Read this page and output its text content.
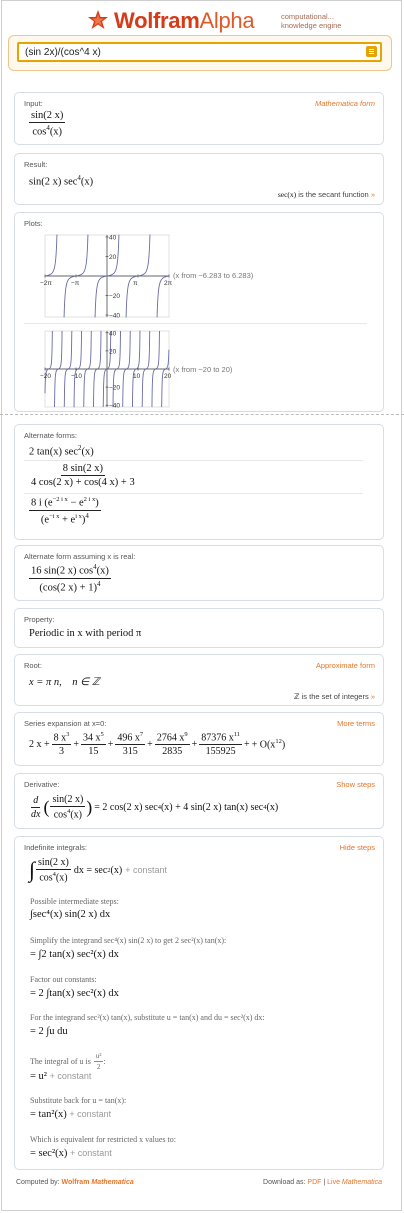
Wolfram Alpha	computational...
knowledge engine
(sin 2x)/(cos^4 x)
Input:	Mathematica form
$\frac{\sin(2 x)}{\cos^4(x)}$
Result:
sin(2 x) $\sec^4(x)$
sec(x) is the secant function »
Plots:
40
20
−20
−40
−2π	−π	π	2π
(x from −6.283 to 6.283)
40
20
−20
−40
−20	−10	10	20
(x from −20 to 20)
Alternate forms:
2 tan(x) $\sec^2(x)$
$\frac{8 \sin(2 x)}{4 \cos(2 x) + \cos(4 x) + 3}$
$\frac{8 i (e^{-2 i x} - e^{2 i x})}{(e^{-i x} + e^{i x})^4}$
Alternate form assuming x is real:
$\frac{16 \sin(2 x) \cos^4(x)}{(\cos(2 x) + 1)^4}$
Property:
Periodic in x with period π
Root:	Approximate form
x = π n,    n ∈ ℤ
ℤ is the set of integers »
Series expansion at x=0:	More terms
2 $x + \frac{8 x^3}{3} + \frac{34 x^5}{15} + \frac{496 x^7}{315} + \frac{2764 x^9}{2835} + \frac{87376 x^{11}}{155925}$ + + $O(x^{12})$
Derivative:	Show steps
$\frac{d}{dx}$ ( $\frac{\sin(2 x)}{\cos^4(x)}$ ) = 2 cos(2 x) sec 4 (x) + 4 sin(2 x) tan(x) sec 4 (x)
Indefinite integrals:	Hide steps
∫ $\frac{\sin(2 x)}{\cos^4(x)}$ dx = sec 2 (x) + constant
Possible intermediate steps:
∫sec⁴(x) sin(2 x) dx
Simplify the integrand sec⁴(x) sin(2 x) to get 2 sec²(x) tan(x):
= ∫2 tan(x) sec²(x) dx
Factor out constants:
= 2 ∫tan(x) sec²(x) dx
For the integrand sec²(x) tan(x), substitute u = tan(x) and du = sec²(x) dx:
= 2 ∫u du
The integral of u is $\frac{\text{u²}}{2}$ :
= u² + constant
Substitute back for u = tan(x):
= tan²(x) + constant
Which is equivalent for restricted x values to:
= sec²(x) + constant
Computed by: Wolfram Mathematica	Download as: PDF | Live Mathematica
